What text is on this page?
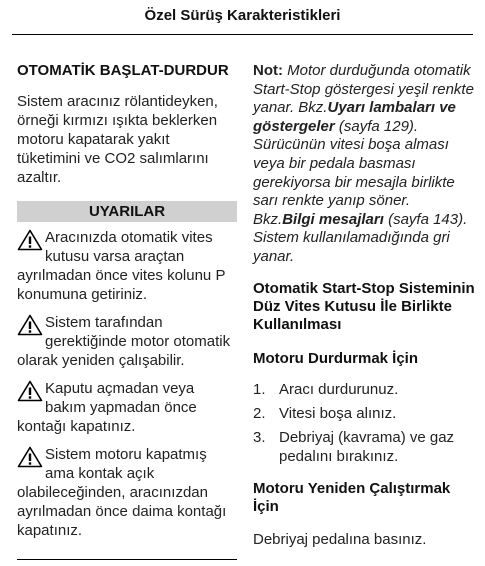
Özel Sürüş Karakteristikleri
OTOMATİK BAŞLAT-DURDUR

Sistem aracınız rölantideyken, örneği kırmızı ışıkta beklerken motoru kapatarak yakıt tüketimini ve CO2 salımlarını azaltır.

UYARILAR

Aracınızda otomatik vites kutusu varsa araçtan ayrılmadan önce vites kolunu P konumuna getiriniz.

Sistem tarafından gerektiğinde motor otomatik olarak yeniden çalışabilir.

Kaputu açmadan veya bakım yapmadan önce kontağı kapatınız.

Sistem motoru kapatmış ama kontak açık olabileceğinden, aracınızdan ayrılmadan önce daima kontağı kapatınız.

Not: Motor durduğunda otomatik Start-Stop göstergesi yeşil renkte yanar. Bkz.Uyarı lambaları ve göstergeler (sayfa 129). Sürücünün vitesi boşa alması veya bir pedala basması gerekiyorsa bir mesajla birlikte sarı renkte yanıp söner. Bkz.Bilgi mesajları (sayfa 143). Sistem kullanılamadığında gri yanar.

Otomatik Start-Stop Sisteminin Düz Vites Kutusu İle Birlikte Kullanılması
Motoru Durdurmak İçin
1. Aracı durdurunuz.
2. Vitesi boşa alınız.
3. Debriyaj (kavrama) ve gaz pedalını bırakınız.
Motoru Yeniden Çalıştırmak İçin

Debriyaj pedalına basınız.
